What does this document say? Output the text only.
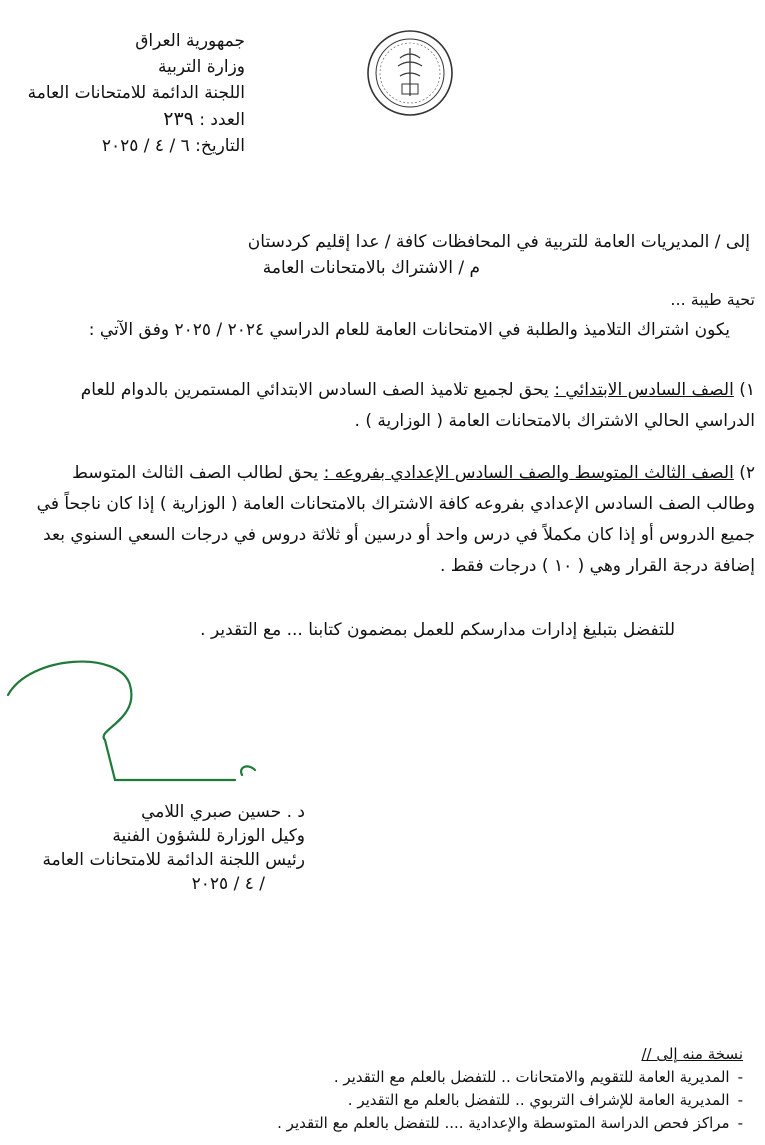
جمهورية العراق
وزارة التربية
اللجنة الدائمة للامتحانات العامة
العدد : ٢٣٩
التاريخ: ٦ / ٤ / ٢٠٢٥
إلى / المديريات العامة للتربية في المحافظات كافة / عدا إقليم كردستان
م / الاشتراك بالامتحانات العامة
تحية طيبة ...
يكون اشتراك التلاميذ والطلبة في الامتحانات العامة للعام الدراسي ٢٠٢٤ / ٢٠٢٥ وفق الآتي :
١) الصف السادس الابتدائي : يحق لجميع تلاميذ الصف السادس الابتدائي المستمرين بالدوام للعام الدراسي الحالي الاشتراك بالامتحانات العامة ( الوزارية ) .
٢) الصف الثالث المتوسط والصف السادس الإعدادي بفروعه : يحق لطالب الصف الثالث المتوسط وطالب الصف السادس الإعدادي بفروعه كافة الاشتراك بالامتحانات العامة ( الوزارية ) إذا كان ناجحاً في جميع الدروس أو إذا كان مكملاً في درس واحد أو درسين أو ثلاثة دروس في درجات السعي السنوي بعد إضافة درجة القرار وهي ( ١٠ ) درجات فقط .
للتفضل بتبليغ إدارات مدارسكم للعمل بمضمون كتابنا ... مع التقدير .
د . حسين صبري اللامي
وكيل الوزارة للشؤون الفنية
رئيس اللجنة الدائمة للامتحانات العامة
/ ٤ / ٢٠٢٥
نسخة منه إلى //
-المديرية العامة للتقويم والامتحانات .. للتفضل بالعلم مع التقدير .
-المديرية العامة للإشراف التربوي .. للتفضل بالعلم مع التقدير .
-مراكز فحص الدراسة المتوسطة والإعدادية .... للتفضل بالعلم مع التقدير .
